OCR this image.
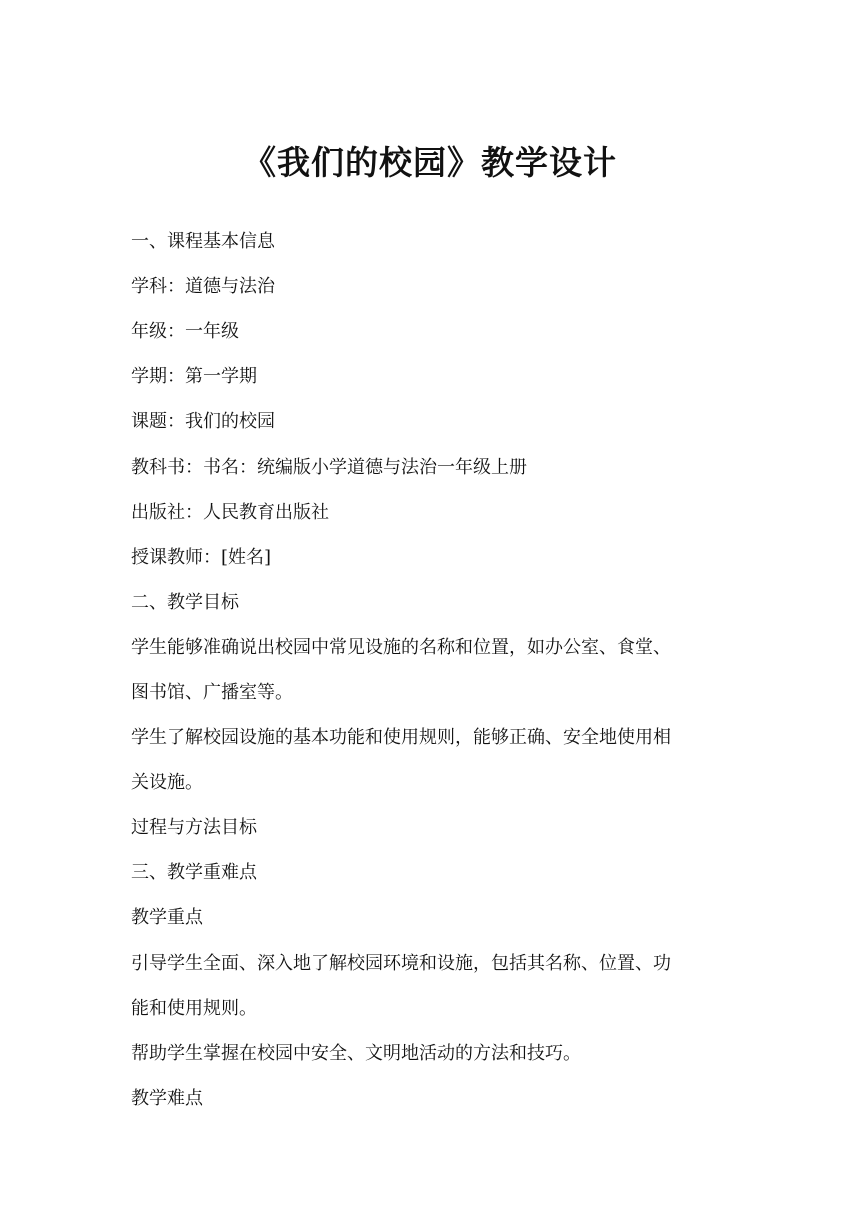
《我们的校园》教学设计

一、课程基本信息

学科：道德与法治

年级：一年级

学期：第一学期

课题：我们的校园

教科书：书名：统编版小学道德与法治一年级上册

出版社：人民教育出版社

授课教师：[姓名]

二、教学目标

学生能够准确说出校园中常见设施的名称和位置，如办公室、食堂、

图书馆、广播室等。

学生了解校园设施的基本功能和使用规则，能够正确、安全地使用相

关设施。

过程与方法目标

三、教学重难点

教学重点

引导学生全面、深入地了解校园环境和设施，包括其名称、位置、功

能和使用规则。

帮助学生掌握在校园中安全、文明地活动的方法和技巧。

教学难点
